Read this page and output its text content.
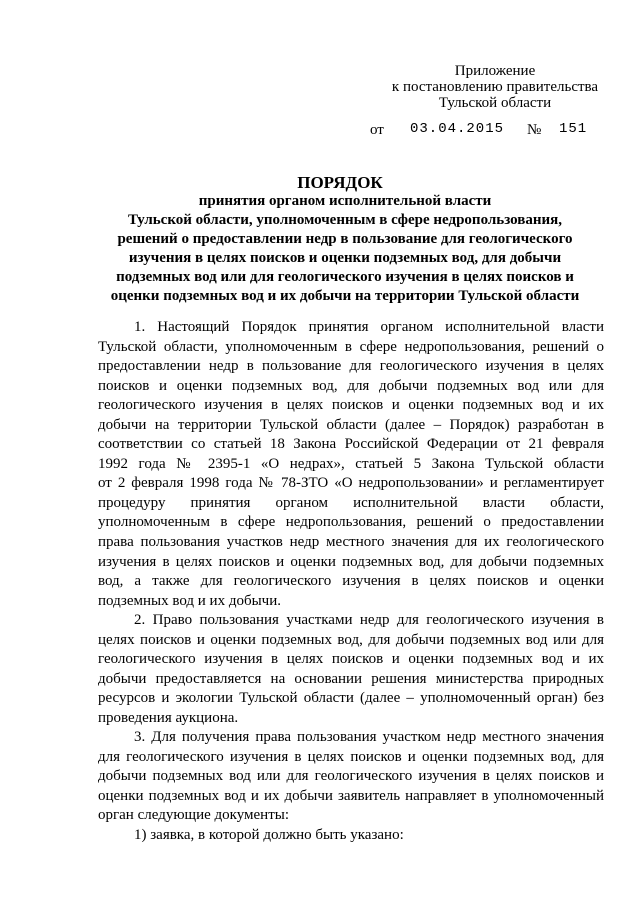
Приложение
к постановлению правительства
Тульской области
от 03.04.2015 № 151
ПОРЯДОК
принятия органом исполнительной власти
Тульской области, уполномоченным в сфере недропользования,
решений о предоставлении недр в пользование для геологического
изучения в целях поисков и оценки подземных вод, для добычи
подземных вод или для геологического изучения в целях поисков и
оценки подземных вод и их добычи на территории Тульской области
1. Настоящий Порядок принятия органом исполнительной власти
Тульской области, уполномоченным в сфере недропользования, решений о
предоставлении недр в пользование для геологического изучения в целях
поисков и оценки подземных вод, для добычи подземных вод или для
геологического изучения в целях поисков и оценки подземных вод и их
добычи на территории Тульской области (далее – Порядок) разработан в
соответствии со статьей 18 Закона Российской Федерации от 21 февраля
1992 года № 2395-1 «О недрах», статьей 5 Закона Тульской области
от 2 февраля 1998 года № 78-ЗТО «О недропользовании» и регламентирует
процедуру принятия органом исполнительной власти области,
уполномоченным в сфере недропользования, решений о предоставлении
права пользования участков недр местного значения для их геологического
изучения в целях поисков и оценки подземных вод, для добычи подземных
вод, а также для геологического изучения в целях поисков и оценки
подземных вод и их добычи.
2. Право пользования участками недр для геологического изучения в
целях поисков и оценки подземных вод, для добычи подземных вод или для
геологического изучения в целях поисков и оценки подземных вод и их
добычи предоставляется на основании решения министерства природных
ресурсов и экологии Тульской области (далее – уполномоченный орган) без
проведения аукциона.
3. Для получения права пользования участком недр местного значения
для геологического изучения в целях поисков и оценки подземных вод, для
добычи подземных вод или для геологического изучения в целях поисков и
оценки подземных вод и их добычи заявитель направляет в уполномоченный
орган следующие документы:
1) заявка, в которой должно быть указано:
